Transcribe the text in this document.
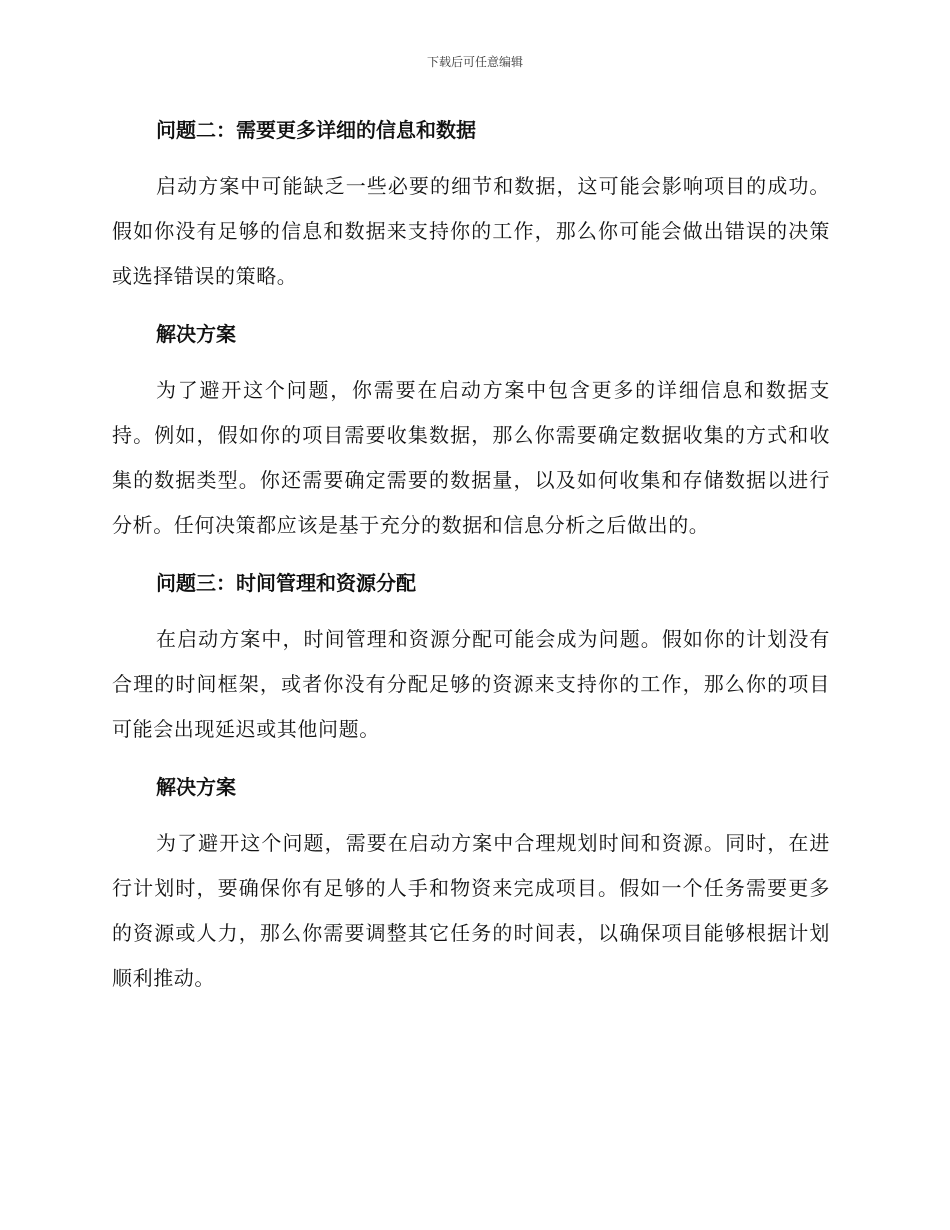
下载后可任意编辑
问题二：需要更多详细的信息和数据

启动方案中可能缺乏一些必要的细节和数据，这可能会影响项目的成功。假如你没有足够的信息和数据来支持你的工作，那么你可能会做出错误的决策或选择错误的策略。

解决方案

为了避开这个问题，你需要在启动方案中包含更多的详细信息和数据支持。例如，假如你的项目需要收集数据，那么你需要确定数据收集的方式和收集的数据类型。你还需要确定需要的数据量，以及如何收集和存储数据以进行分析。任何决策都应该是基于充分的数据和信息分析之后做出的。

问题三：时间管理和资源分配

在启动方案中，时间管理和资源分配可能会成为问题。假如你的计划没有合理的时间框架，或者你没有分配足够的资源来支持你的工作，那么你的项目可能会出现延迟或其他问题。

解决方案

为了避开这个问题，需要在启动方案中合理规划时间和资源。同时，在进行计划时，要确保你有足够的人手和物资来完成项目。假如一个任务需要更多的资源或人力，那么你需要调整其它任务的时间表，以确保项目能够根据计划顺利推动。
